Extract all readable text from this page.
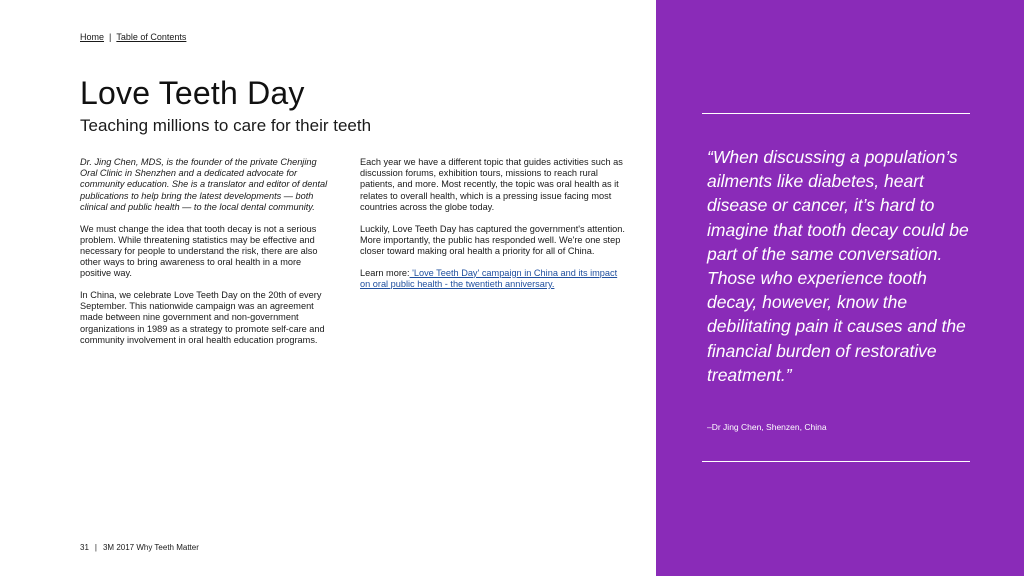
Home | Table of Contents
Love Teeth Day
Teaching millions to care for their teeth

Dr. Jing Chen, MDS, is the founder of the private Chenjing Oral Clinic in Shenzhen and a dedicated advocate for community education. She is a translator and editor of dental publications to help bring the latest developments — both clinical and public health — to the local dental community.

We must change the idea that tooth decay is not a serious problem. While threatening statistics may be effective and necessary for people to understand the risk, there are also other ways to bring awareness to oral health in a more positive way.

In China, we celebrate Love Teeth Day on the 20th of every September. This nationwide campaign was an agreement made between nine government and non-government organizations in 1989 as a strategy to promote self-care and community involvement in oral health education programs.

Each year we have a different topic that guides activities such as discussion forums, exhibition tours, missions to reach rural patients, and more. Most recently, the topic was oral health as it relates to overall health, which is a pressing issue facing most countries across the globe today.

Luckily, Love Teeth Day has captured the government's attention. More importantly, the public has responded well. We're one step closer toward making oral health a priority for all of China.

Learn more: 'Love Teeth Day' campaign in China and its impact on oral public health - the twentieth anniversary.

31 | 3M 2017 Why Teeth Matter

“When discussing a population’s ailments like diabetes, heart disease or cancer, it’s hard to imagine that tooth decay could be part of the same conversation. Those who experience tooth decay, however, know the debilitating pain it causes and the financial burden of restorative treatment.”

–Dr Jing Chen, Shenzen, China
